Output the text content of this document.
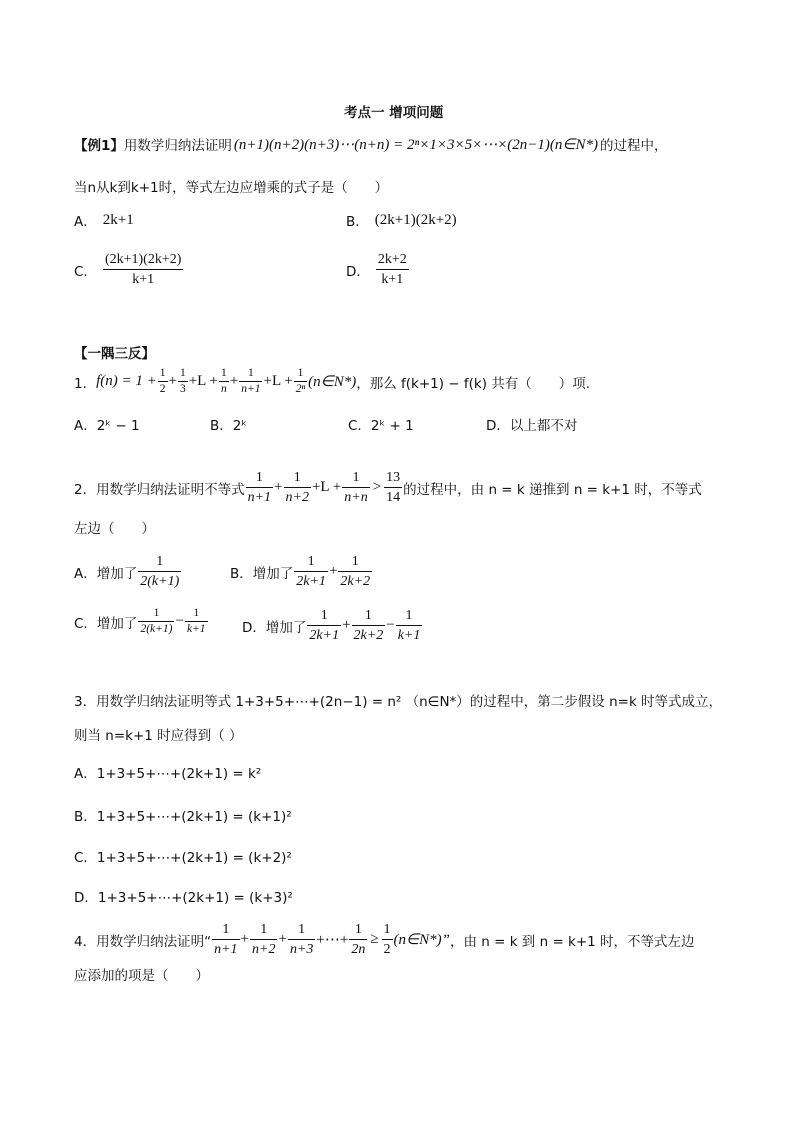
考点一 增项问题
【例1】 用数学归纳法证明 (n+1)(n+2)(n+3)⋯(n+n) = 2ⁿ×1×3×5×⋯×(2n−1)(n∈N*) 的过程中，
当n从k到k+1时，等式左边应增乘的式子是（　　）
A． 2k+1	B． (2k+1)(2k+2)
C． $\frac{(2k+1)(2k+2)}{k+1}$	D． $\frac{2k+2}{k+1}$
【一隅三反】
1． $f(n) = 1 + \frac{1}{2} + \frac{1}{3} +L + \frac{1}{n} + \frac{1}{n+1} +L + \frac{1}{\text{2ⁿ}}$ (n∈N*) ，那么 f(k+1) − f(k) 共有（　　）项.
A．2ᵏ − 1	B．2ᵏ	C．2ᵏ + 1	D．以上都不对
2． 用数学归纳法证明不等式 $\frac{1}{n+1} + \frac{1}{n+2} +L + \frac{1}{n+n} > \frac{13}{14}$ 的过程中，由 n = k 递推到 n = k+1 时，不等式
左边（　　）
A．增加了 $\frac{1}{2(k+1)}$	B．增加了 $\frac{1}{2k+1} + \frac{1}{2k+2}$
C．增加了 $\frac{1}{2(k+1)} - \frac{1}{k+1}$	D．增加了 $\frac{1}{2k+1} + \frac{1}{2k+2} - \frac{1}{k+1}$
3．用数学归纳法证明等式 1+3+5+⋯+(2n−1) = n² （n∈N*）的过程中，第二步假设 n=k 时等式成立，
则当 n=k+1 时应得到（ ）
A．1+3+5+⋯+(2k+1) = k²
B．1+3+5+⋯+(2k+1) = (k+1)²
C．1+3+5+⋯+(2k+1) = (k+2)²
D．1+3+5+⋯+(2k+1) = (k+3)²
4．用数学归纳法证明“ $\frac{1}{n+1} + \frac{1}{n+2} + \frac{1}{n+3}$ +⋯+ $\frac{1}{2n} \ge \frac{1}{2}$ (n∈N*)” ，由 n = k 到 n = k+1 时，不等式左边
应添加的项是（　　）
